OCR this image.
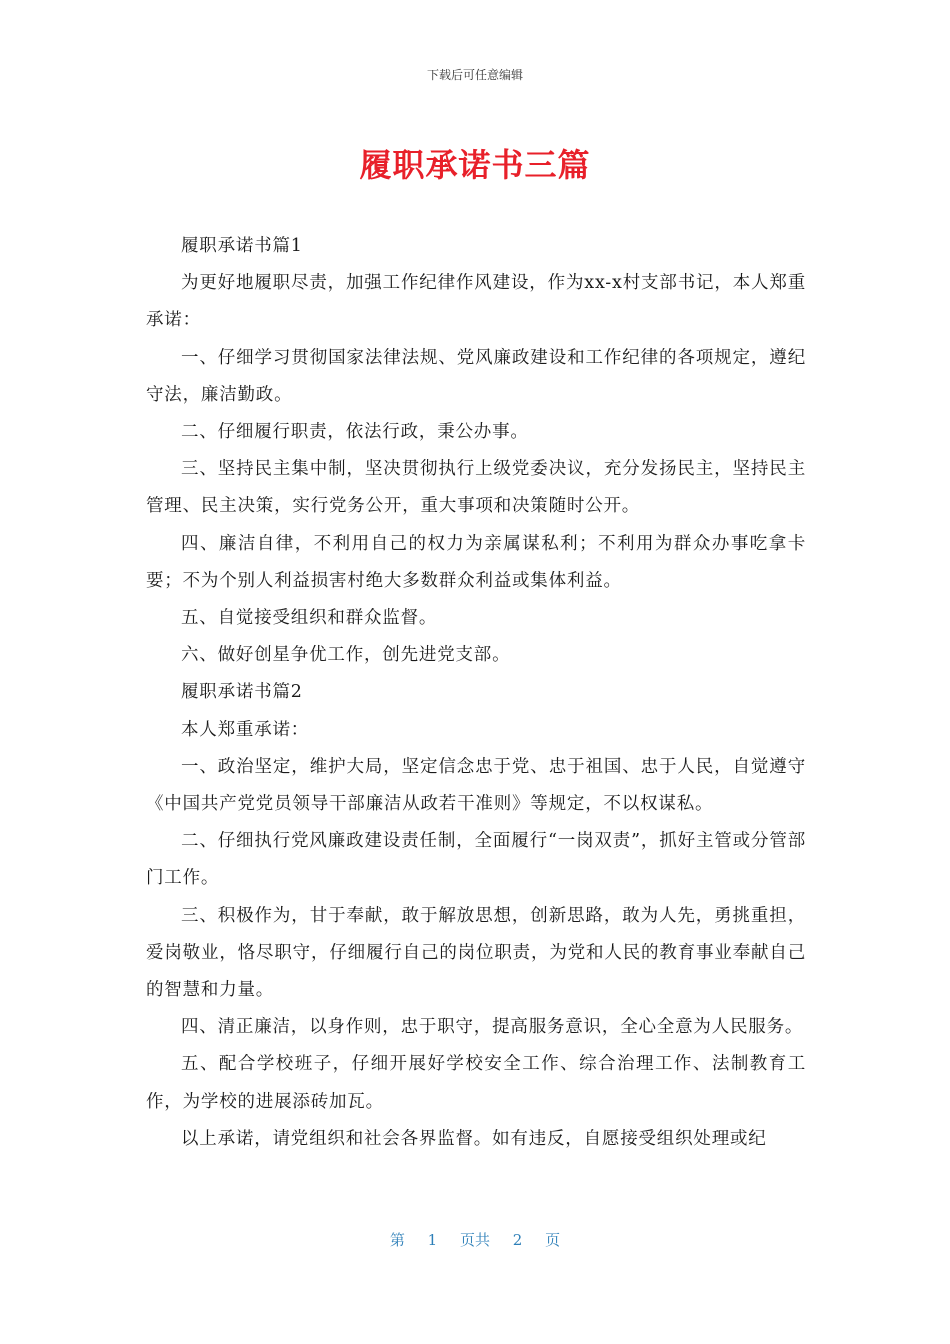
下载后可任意编辑
履职承诺书三篇

履职承诺书篇1

为更好地履职尽责，加强工作纪律作风建设，作为xx-x村支部书记，本人郑重承诺：

一、仔细学习贯彻国家法律法规、党风廉政建设和工作纪律的各项规定，遵纪守法，廉洁勤政。

二、仔细履行职责，依法行政，秉公办事。

三、坚持民主集中制，坚决贯彻执行上级党委决议，充分发扬民主，坚持民主管理、民主决策，实行党务公开，重大事项和决策随时公开。

四、廉洁自律，不利用自己的权力为亲属谋私利；不利用为群众办事吃拿卡要；不为个别人利益损害村绝大多数群众利益或集体利益。

五、自觉接受组织和群众监督。

六、做好创星争优工作，创先进党支部。

履职承诺书篇2

本人郑重承诺：

一、政治坚定，维护大局，坚定信念忠于党、忠于祖国、忠于人民，自觉遵守《中国共产党党员领导干部廉洁从政若干准则》等规定，不以权谋私。

二、仔细执行党风廉政建设责任制，全面履行“一岗双责”，抓好主管或分管部门工作。

三、积极作为，甘于奉献，敢于解放思想，创新思路，敢为人先，勇挑重担，爱岗敬业，恪尽职守，仔细履行自己的岗位职责，为党和人民的教育事业奉献自己的智慧和力量。

四、清正廉洁，以身作则，忠于职守，提高服务意识，全心全意为人民服务。

五、配合学校班子，仔细开展好学校安全工作、综合治理工作、法制教育工作，为学校的进展添砖加瓦。

以上承诺，请党组织和社会各界监督。如有违反，自愿接受组织处理或纪

第 1 页共 2 页
